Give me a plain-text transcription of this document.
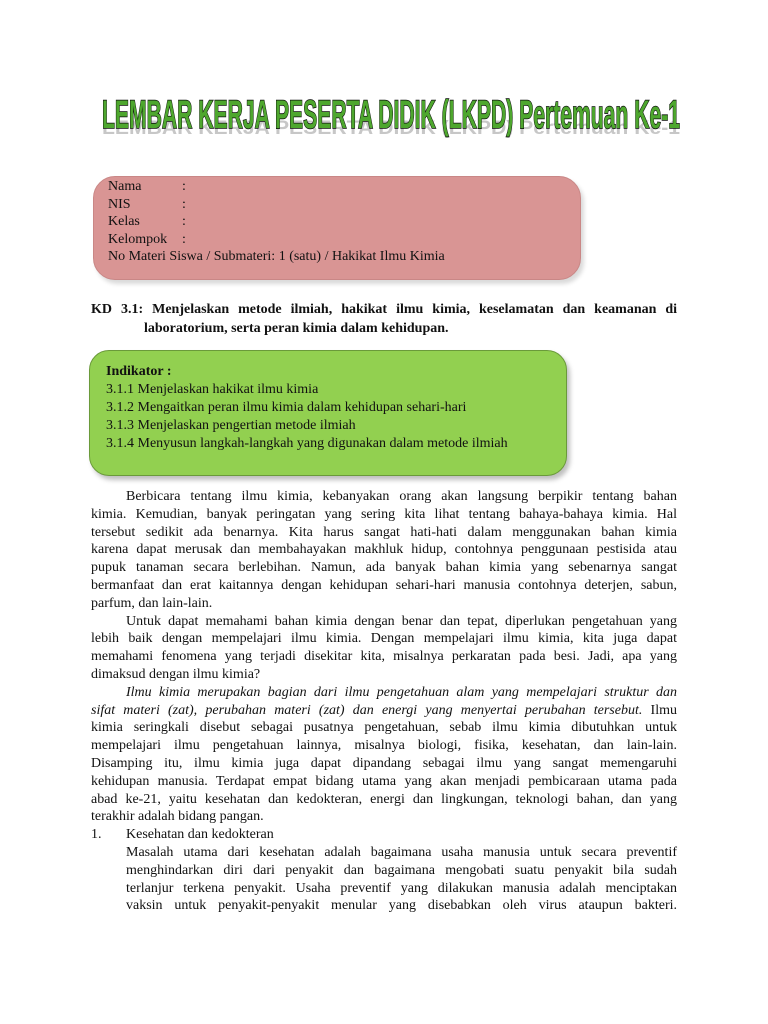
LEMBAR KERJA PESERTA DIDIK (LKPD) Pertemuan Ke-1
LEMBAR KERJA PESERTA DIDIK (LKPD) Pertemuan Ke-1
Nama	:
NIS	:
Kelas	:
Kelompok :
No Materi Siswa / Submateri: 1 (satu) / Hakikat Ilmu Kimia
KD 3.1: Menjelaskan metode ilmiah, hakikat ilmu kimia, keselamatan dan keamanan di
laboratorium, serta peran kimia dalam kehidupan.
Indikator :
3.1.1 Menjelaskan hakikat ilmu kimia
3.1.2 Mengaitkan peran ilmu kimia dalam kehidupan sehari-hari
3.1.3 Menjelaskan pengertian metode ilmiah
3.1.4 Menyusun langkah-langkah yang digunakan dalam metode ilmiah
Berbicara tentang ilmu kimia, kebanyakan orang akan langsung berpikir tentang bahan
kimia. Kemudian, banyak peringatan yang sering kita lihat tentang bahaya-bahaya kimia. Hal
tersebut sedikit ada benarnya. Kita harus sangat hati-hati dalam menggunakan bahan kimia
karena dapat merusak dan membahayakan makhluk hidup, contohnya penggunaan pestisida atau
pupuk tanaman secara berlebihan. Namun, ada banyak bahan kimia yang sebenarnya sangat
bermanfaat dan erat kaitannya dengan kehidupan sehari-hari manusia contohnya deterjen, sabun,
parfum, dan lain-lain.
Untuk dapat memahami bahan kimia dengan benar dan tepat, diperlukan pengetahuan yang
lebih baik dengan mempelajari ilmu kimia. Dengan mempelajari ilmu kimia, kita juga dapat
memahami fenomena yang terjadi disekitar kita, misalnya perkaratan pada besi. Jadi, apa yang
dimaksud dengan ilmu kimia?
Ilmu kimia merupakan bagian dari ilmu pengetahuan alam yang mempelajari struktur dan
sifat materi (zat), perubahan materi (zat) dan energi yang menyertai perubahan tersebut. Ilmu
kimia seringkali disebut sebagai pusatnya pengetahuan, sebab ilmu kimia dibutuhkan untuk
mempelajari ilmu pengetahuan lainnya, misalnya biologi, fisika, kesehatan, dan lain-lain.
Disamping itu, ilmu kimia juga dapat dipandang sebagai ilmu yang sangat memengaruhi
kehidupan manusia. Terdapat empat bidang utama yang akan menjadi pembicaraan utama pada
abad ke-21, yaitu kesehatan dan kedokteran, energi dan lingkungan, teknologi bahan, dan yang
terakhir adalah bidang pangan.
1. Kesehatan dan kedokteran
Masalah utama dari kesehatan adalah bagaimana usaha manusia untuk secara preventif
menghindarkan diri dari penyakit dan bagaimana mengobati suatu penyakit bila sudah
terlanjur terkena penyakit. Usaha preventif yang dilakukan manusia adalah menciptakan
vaksin untuk penyakit-penyakit menular yang disebabkan oleh virus ataupun bakteri.
